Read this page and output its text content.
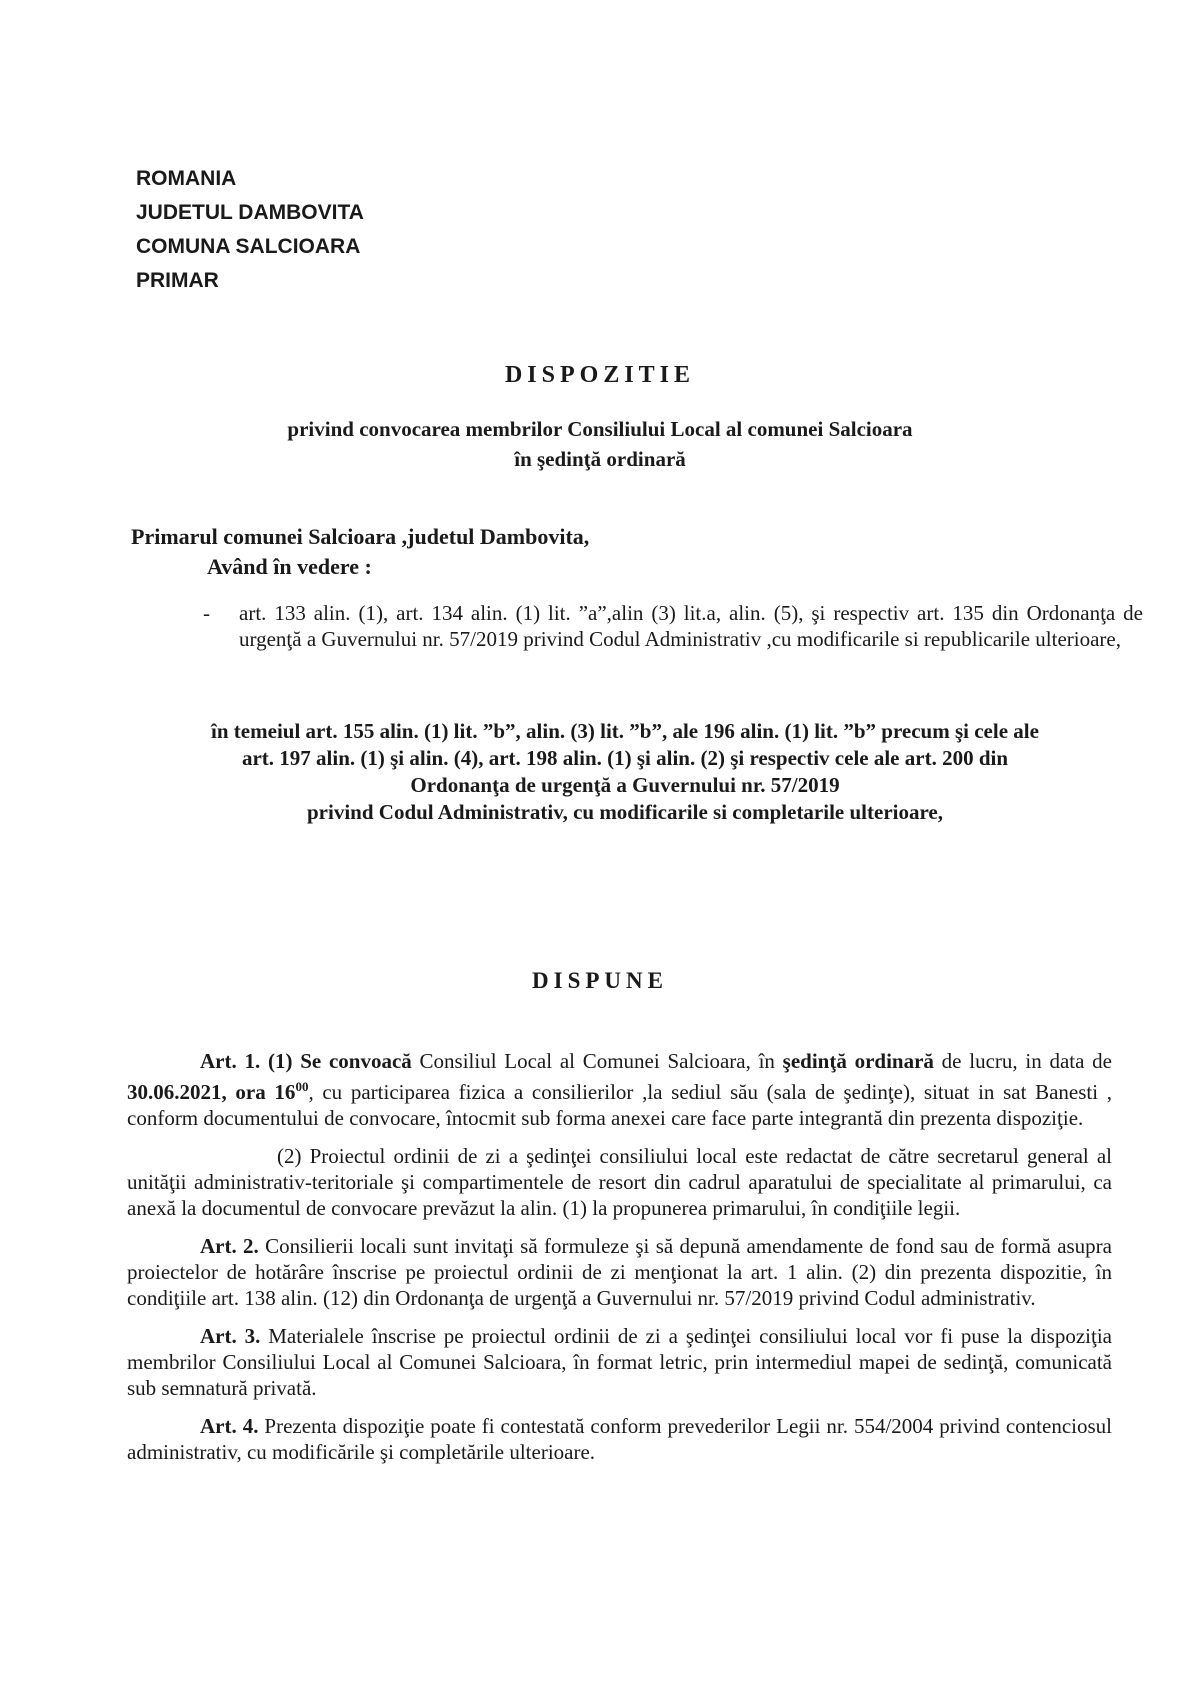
ROMANIA
JUDETUL DAMBOVITA
COMUNA SALCIOARA
PRIMAR
DISPOZITIE
privind convocarea membrilor Consiliului Local al comunei Salcioara
în şedinţă ordinară
Primarul comunei Salcioara ,judetul Dambovita,
Având în vedere :
-	art. 133 alin. (1), art. 134 alin. (1) lit. ”a”,alin (3) lit.a, alin. (5), şi respectiv art. 135 din Ordonanţa de urgenţă a Guvernului nr. 57/2019 privind Codul Administrativ ,cu modificarile si republicarile ulterioare,
în temeiul art. 155 alin. (1) lit. ”b”, alin. (3) lit. ”b”, ale 196 alin. (1) lit. ”b” precum şi cele ale
art. 197 alin. (1) şi alin. (4), art. 198 alin. (1) şi alin. (2) şi respectiv cele ale art. 200 din
Ordonanţa de urgenţă a Guvernului nr. 57/2019
privind Codul Administrativ, cu modificarile si completarile ulterioare,
DISPUNE

Art. 1. (1) Se convoacă Consiliul Local al Comunei Salcioara, în şedinţă ordinară de lucru, in data de 30.06.2021, ora $16^{00}$, cu participarea fizica a consilierilor ,la sediul său (sala de şedinţe), situat in sat Banesti , conform documentului de convocare, întocmit sub forma anexei care face parte integrantă din prezenta dispoziţie.

(2) Proiectul ordinii de zi a şedinţei consiliului local este redactat de către secretarul general al unităţii administrativ-teritoriale şi compartimentele de resort din cadrul aparatului de specialitate al primarului, ca anexă la documentul de convocare prevăzut la alin. (1) la propunerea primarului, în condiţiile legii.

Art. 2. Consilierii locali sunt invitaţi să formuleze şi să depună amendamente de fond sau de formă asupra proiectelor de hotărâre înscrise pe proiectul ordinii de zi menţionat la art. 1 alin. (2) din prezenta dispozitie, în condiţiile art. 138 alin. (12) din Ordonanţa de urgenţă a Guvernului nr. 57/2019 privind Codul administrativ.

Art. 3. Materialele înscrise pe proiectul ordinii de zi a şedinţei consiliului local vor fi puse la dispoziţia membrilor Consiliului Local al Comunei Salcioara, în format letric, prin intermediul mapei de sedinţă, comunicată sub semnatură privată.

Art. 4. Prezenta dispoziţie poate fi contestată conform prevederilor Legii nr. 554/2004 privind contenciosul administrativ, cu modificările şi completările ulterioare.
